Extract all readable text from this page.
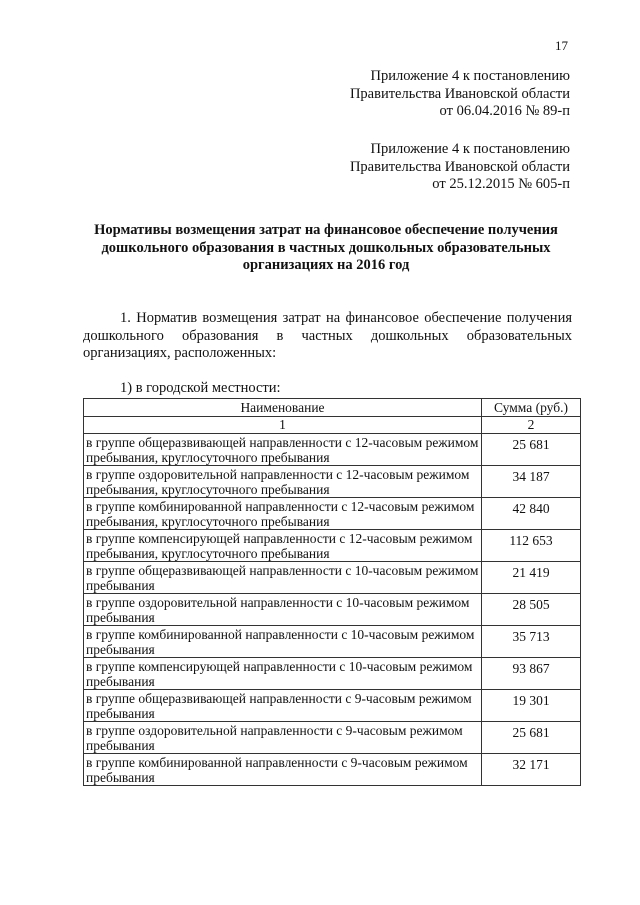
17
Приложение 4 к постановлению
Правительства Ивановской области
от 06.04.2016 № 89-п
Приложение 4 к постановлению
Правительства Ивановской области
от 25.12.2015 № 605-п
Нормативы возмещения затрат на финансовое обеспечение получения дошкольного образования в частных дошкольных образовательных организациях на 2016 год

1. Норматив возмещения затрат на финансовое обеспечение получения дошкольного образования в частных дошкольных образовательных организациях, расположенных:

1) в городской местности:
Наименование	Сумма (руб.)
1	2
в группе общеразвивающей направленности с 12-часовым режимом пребывания, круглосуточного пребывания	25 681
в группе оздоровительной направленности с 12-часовым режимом пребывания, круглосуточного пребывания	34 187
в группе комбинированной направленности с 12-часовым режимом пребывания, круглосуточного пребывания	42 840
в группе компенсирующей направленности с 12-часовым режимом пребывания, круглосуточного пребывания	112 653
в группе общеразвивающей направленности с 10-часовым режимом пребывания	21 419
в группе оздоровительной направленности с 10-часовым режимом пребывания	28 505
в группе комбинированной направленности с 10-часовым режимом пребывания	35 713
в группе компенсирующей направленности с 10-часовым режимом пребывания	93 867
в группе общеразвивающей направленности с 9-часовым режимом пребывания	19 301
в группе оздоровительной направленности с 9-часовым режимом пребывания	25 681
в группе комбинированной направленности с 9-часовым режимом пребывания	32 171
